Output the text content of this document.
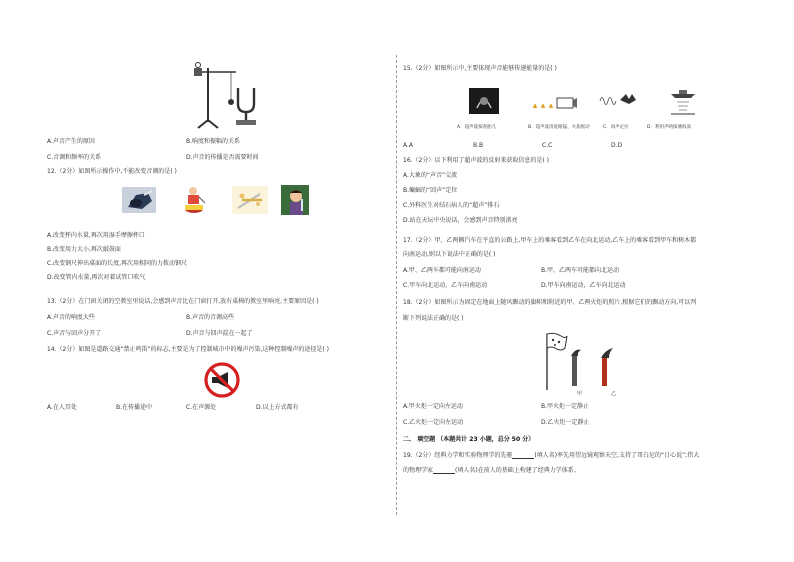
A.声音产生的原因	B.响度和振幅的关系
C.音调和频率的关系	D.声音的传播是否需要时间
12.（2分）如图所示操作中,不能改变音调的是( )
A.改变杯内水量,再次用湿手摩擦杯口
B.改变用力大小,再次敲鼓面
C.改变钢尺伸出桌面的长度,再次用相同的力拨动钢尺
D.改变管内水量,再次对着试管口吹气
13.（2分）在门窗关闭的空教室里说话,会感到声音比在门窗打开,放有桌椅的教室里响亮,主要原因是( )
A.声音的响度大些	B.声音的音调高些
C.声音与回声分开了	D.声音与回声混在一起了
14.（2分）如图是道路交通“禁止鸣笛”的标志,主要是为了控制城市中的噪声污染,这种控制噪声的途径是( )
A.在人耳处	B.在传播途中	C.在声源处	D.以上方式都有
15.（2分）如图所示中,主要体现声音能够传递能量的是( )
A．超声波探查胎儿	B．超声波清洗眼镜、火焰摇动	C．回声定位	D．利用声呐探测海深
A.A	B.B	C.C	D.D
16.（2分）以下利用了超声波的反射来获取信息的是( )
A.大象的“声音”交流
B.蝙蝠的“回声”定位
C.外科医生对结石病人的“超声”排石
D.站在天坛中央说话，会感到声音特别洪亮
17.（2分）甲、乙两辆汽车在平直的公路上,甲车上的乘客看到乙车在向北运动,乙车上的乘客看到甲车和树木都
向南运动,则以下说法中正确的是( )
A.甲、乙两车都可能向南运动	B.甲、乙两车可能都向北运动
C.甲车向北运动，乙车向南运动	D.甲车向南运动，乙车向北运动
18.（2分）如图所示为固定在地面上随风飘动的旗帜和附近的甲、乙两火炬的照片,根据它们的飘动方向,可以判
断下列说法正确的是( )
甲	乙
A.甲火炬一定向左运动	B.甲火炬一定静止
C.乙火炬一定向左运动	D.乙火炬一定静止
二、 填空题 （本题共计 23 小题，总分 50 分）
19.（2分）经典力学和实验物理学的先驱	(填人名)率先用望远镜观察天空,支持了哥白尼的“日心说”;伟大
的物理学家	(填人名)在前人的基础上构建了经典力学体系。
